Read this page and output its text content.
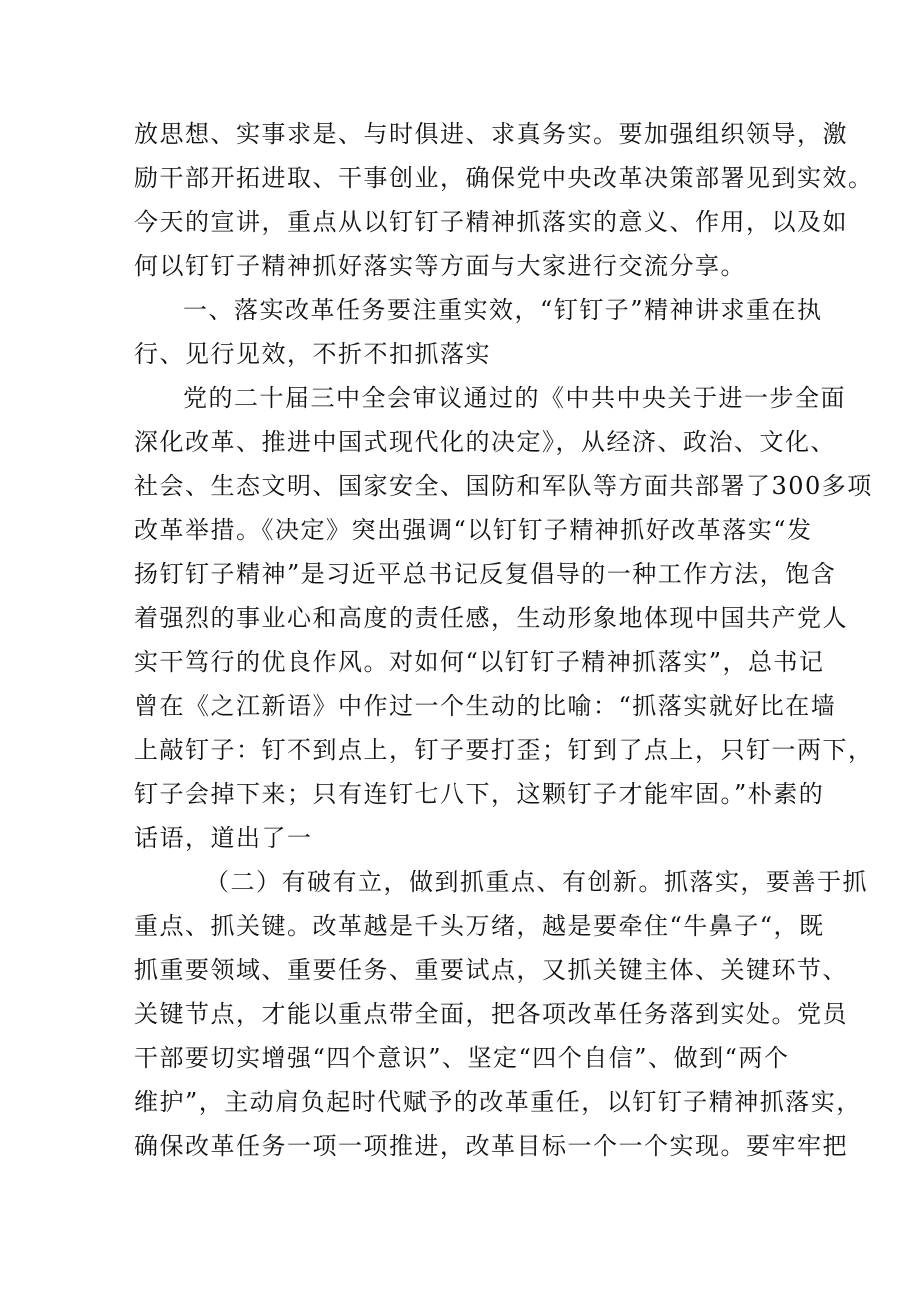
放思想、实事求是、与时俱进、求真务实。要加强组织领导，激
励干部开拓进取、干事创业，确保党中央改革决策部署见到实效。
今天的宣讲，重点从以钉钉子精神抓落实的意义、作用，以及如
何以钉钉子精神抓好落实等方面与大家进行交流分享。
一、落实改革任务要注重实效，“钉钉子”精神讲求重在执
行、见行见效，不折不扣抓落实
党的二十届三中全会审议通过的《中共中央关于进一步全面
深化改革、推进中国式现代化的决定》，从经济、政治、文化、
社会、生态文明、国家安全、国防和军队等方面共部署了300多项
改革举措。《决定》突出强调“以钉钉子精神抓好改革落实“发
扬钉钉子精神”是习近平总书记反复倡导的一种工作方法，饱含
着强烈的事业心和高度的责任感，生动形象地体现中国共产党人
实干笃行的优良作风。对如何“以钉钉子精神抓落实”，总书记
曾在《之江新语》中作过一个生动的比喻：“抓落实就好比在墙
上敲钉子：钉不到点上，钉子要打歪；钉到了点上，只钉一两下，
钉子会掉下来；只有连钉七八下，这颗钉子才能牢固。”朴素的
话语，道出了一
（二）有破有立，做到抓重点、有创新。抓落实，要善于抓
重点、抓关键。改革越是千头万绪，越是要牵住“牛鼻子“，既
抓重要领域、重要任务、重要试点，又抓关键主体、关键环节、
关键节点，才能以重点带全面，把各项改革任务落到实处。党员
干部要切实增强“四个意识”、坚定“四个自信”、做到“两个
维护”，主动肩负起时代赋予的改革重任，以钉钉子精神抓落实，
确保改革任务一项一项推进，改革目标一个一个实现。要牢牢把
